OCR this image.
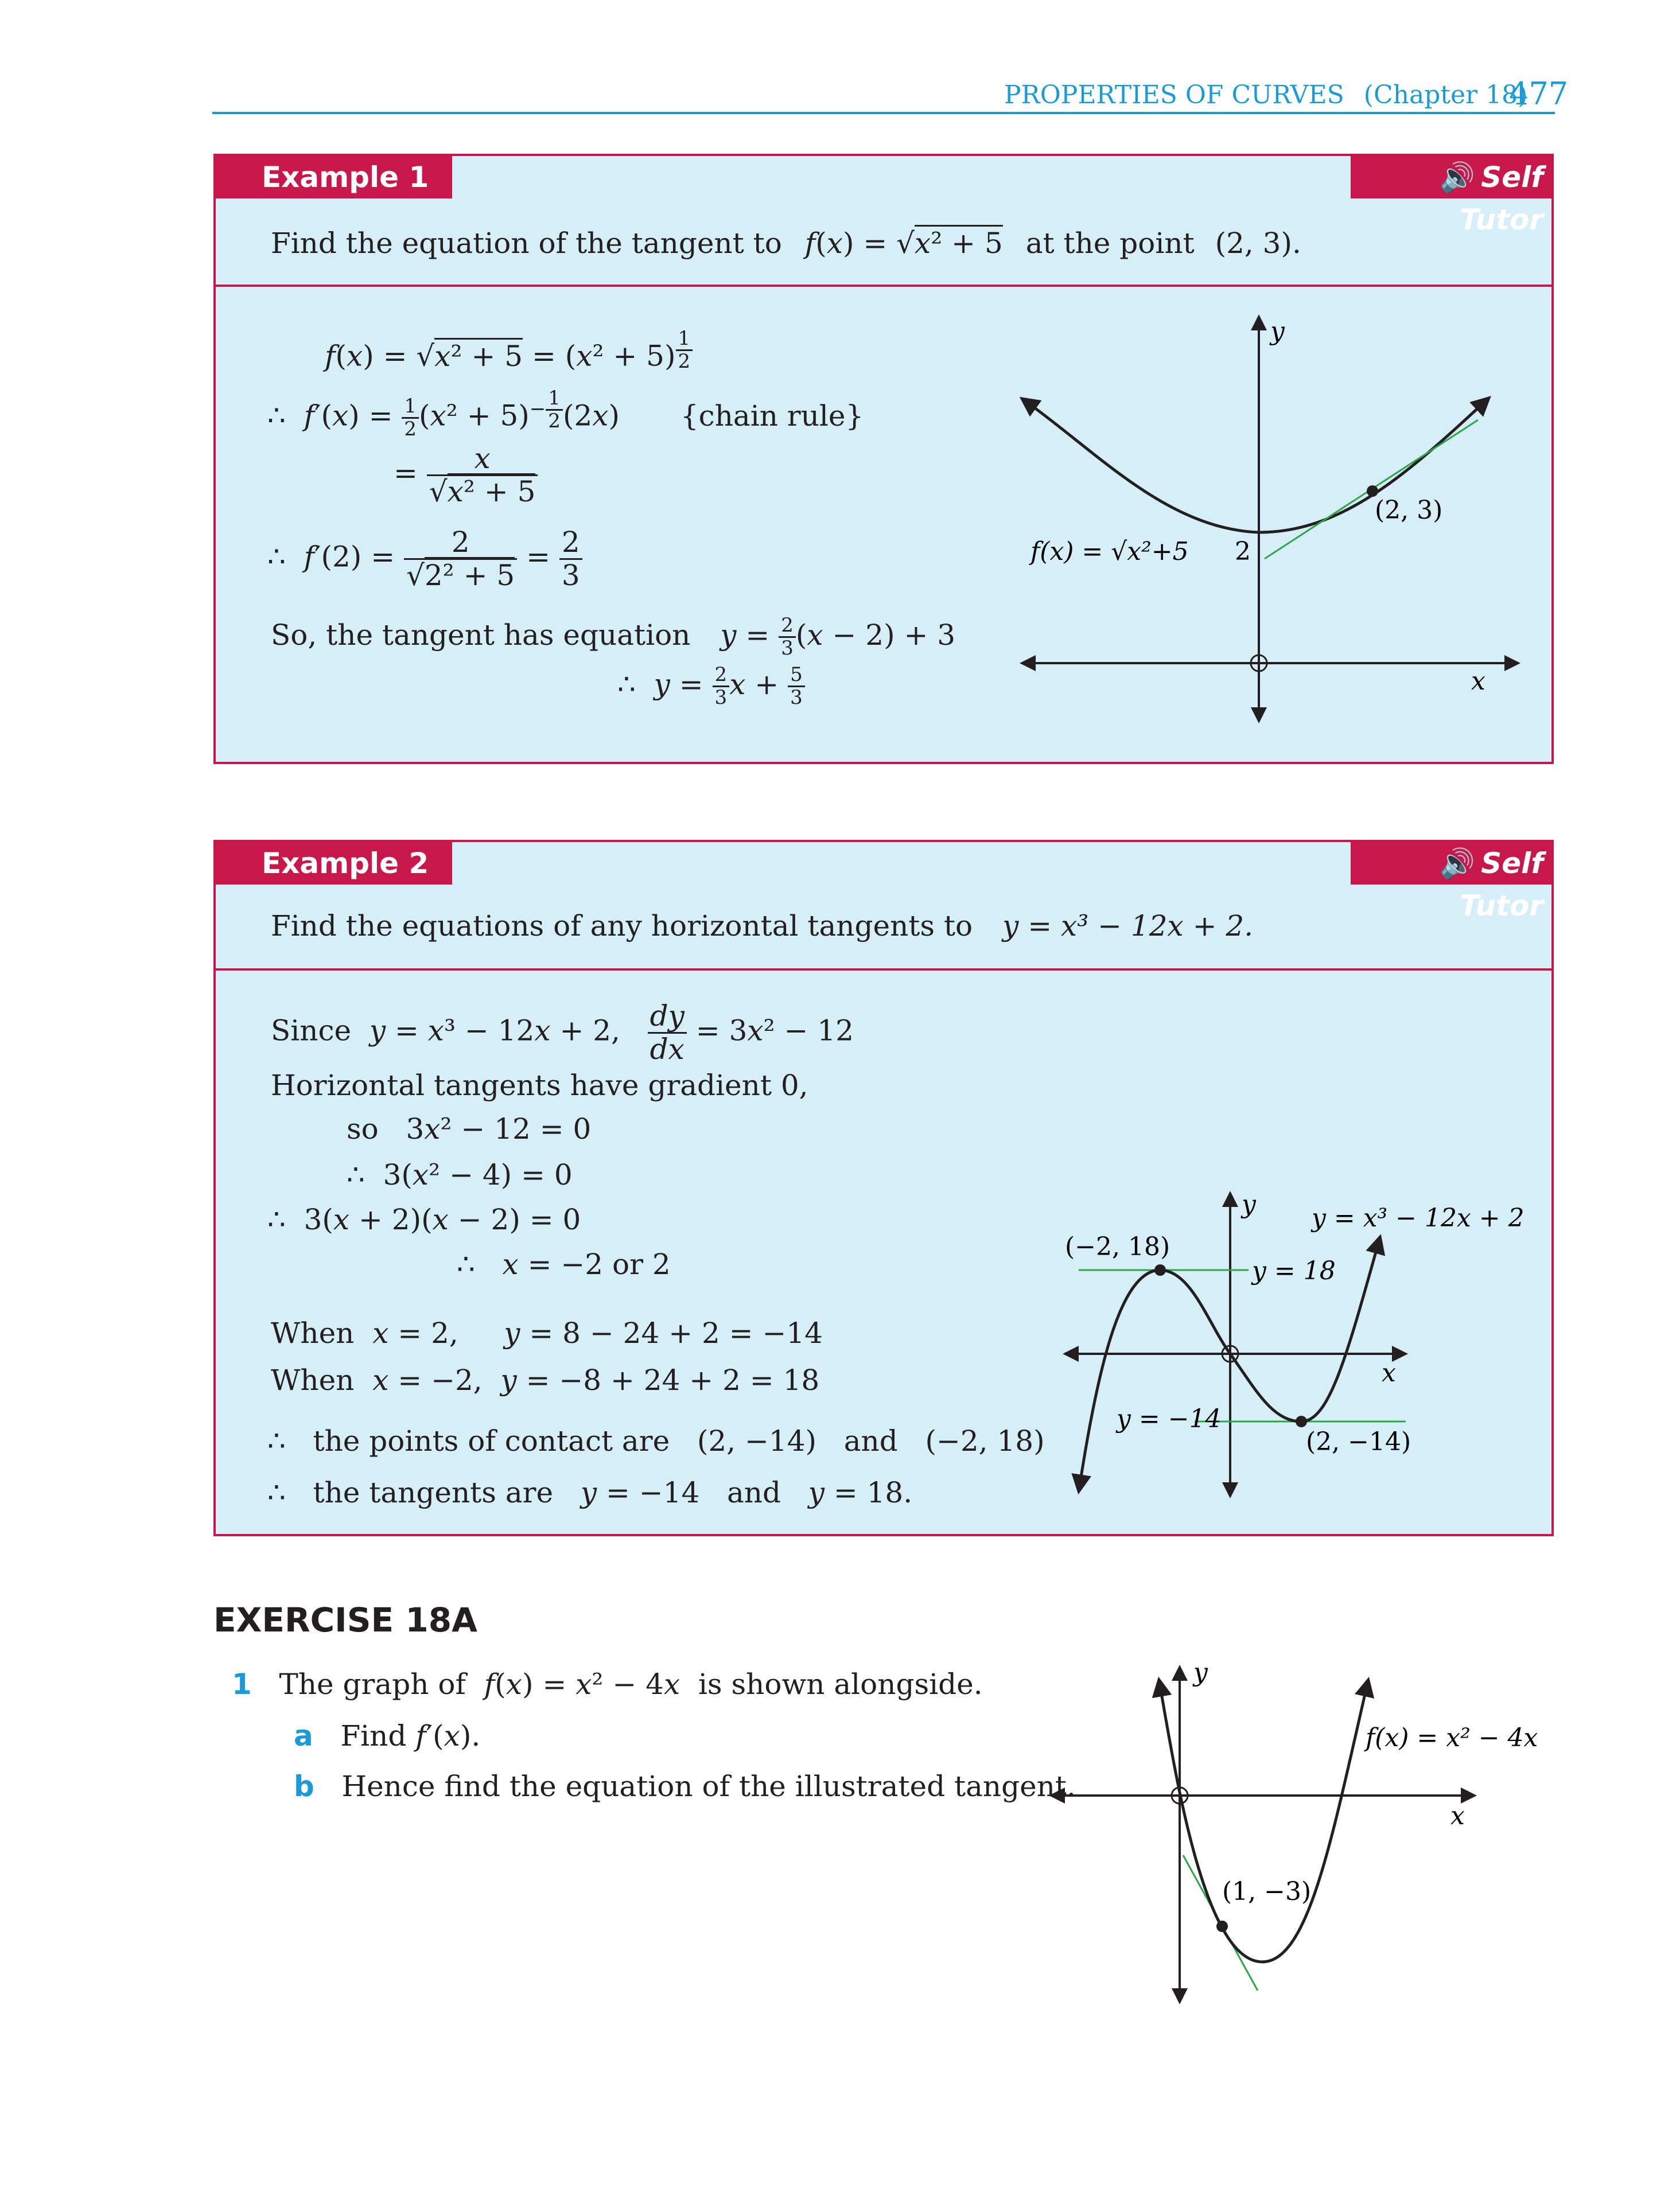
PROPERTIES OF CURVES (Chapter 18)
477
Example 1	🔊 Self Tutor
Find the equation of the tangent to f(x) = √x² + 5 at the point (2, 3).
f(x) = √x² + 5 = (x² + 5) $^{\frac{1}{2}}$
∴ $f'(x) = \frac{1}{2} (x^2 + 5)^{- \frac{1}{2}}$ (2x) {chain rule}
= $\frac{x}{\text{√x² + 5}}$
∴  $f'(2) = \frac{2}{\text{√2² + 5}} = \frac{2}{3}$
So, the tangent has equation $y = \frac{2}{3} (x - 2) + 3$
∴  $y = \frac{2}{3}$ $x + \frac{5}{3}$
y
x
f(x) = √x²+5 2
(2, 3)
Example 2	🔊 Self Tutor
Find the equations of any horizontal tangents to y = x³ − 12x + 2.
Since y = x³ − 12x + 2, $\frac{dy}{dx} = 3x^2 - 12$
Horizontal tangents have gradient 0,
so   3x² − 12 = 0
∴  3(x² − 4) = 0
∴  3(x + 2)(x − 2) = 0
∴   x = −2 or 2
When x = 2,     y = 8 − 24 + 2 = −14
When x = −2,  y = −8 + 24 + 2 = 18
∴   the points of contact are   (2, −14)   and   (−2, 18)
∴   the tangents are y = −14   and y = 18.
y
x
y = x³ − 12x + 2
(−2, 18)
(2, −14)
y = 18
y = −14
EXERCISE 18A
1 The graph of f(x) = x² − 4x is shown alongside.
a Find f′(x).
b Hence find the equation of the illustrated tangent.
y
x
f(x) = x² − 4x
(1, −3)
